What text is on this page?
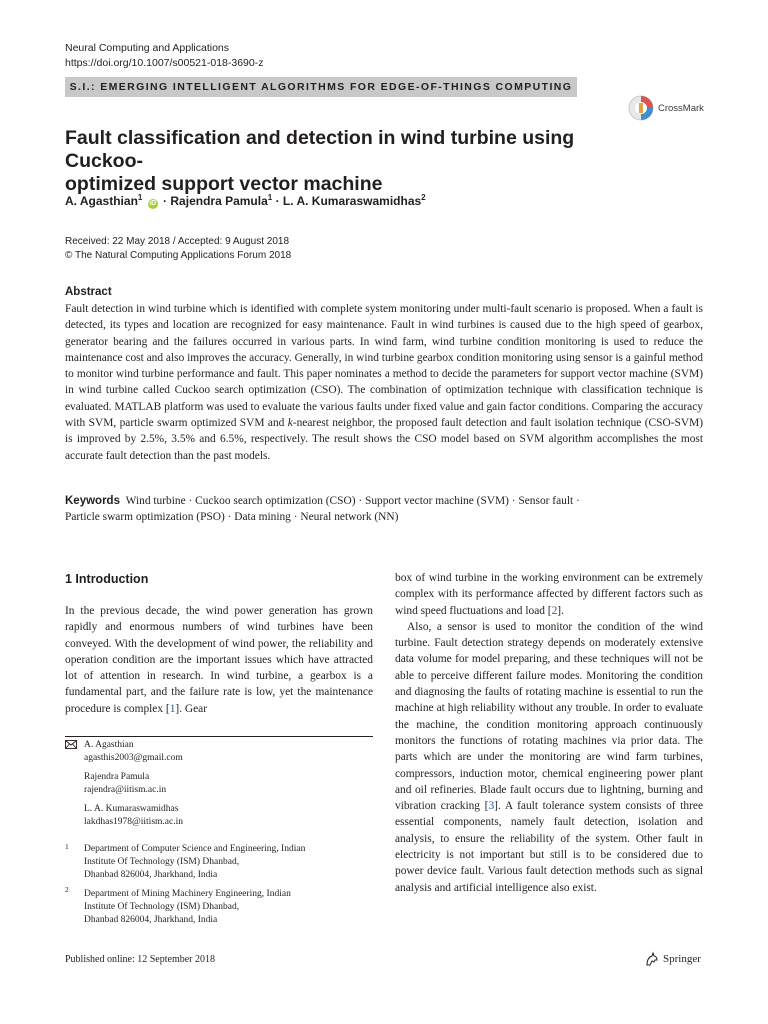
Neural Computing and Applications
https://doi.org/10.1007/s00521-018-3690-z
S.I.: EMERGING INTELLIGENT ALGORITHMS FOR EDGE-OF-THINGS COMPUTING
CrossMark
Fault classification and detection in wind turbine using Cuckoo-
optimized support vector machine
A. Agasthian$^1$ iD · Rajendra Pamula$^1$ · L. A. Kumaraswamidhas$^2$
Received: 22 May 2018 / Accepted: 9 August 2018
© The Natural Computing Applications Forum 2018
Abstract
Fault detection in wind turbine which is identified with complete system monitoring under multi-fault scenario is proposed. When a fault is detected, its types and location are recognized for easy maintenance. Fault in wind turbines is caused due to the high speed of gearbox, generator bearing and the failures occurred in various parts. In wind farm, wind turbine condition monitoring is used to reduce the maintenance cost and also improves the accuracy. Generally, in wind turbine gearbox condition monitoring using sensor is a gainful method to monitor wind turbine performance and fault. This paper nominates a method to decide the parameters for support vector machine (SVM) in wind turbine called Cuckoo search optimization (CSO). The combination of optimization technique with classification technique is evaluated. MATLAB platform was used to evaluate the various faults under fixed value and gain factor conditions. Comparing the accuracy with SVM, particle swarm optimized SVM and k-nearest neighbor, the proposed fault detection and fault isolation technique (CSO-SVM) is improved by 2.5%, 3.5% and 6.5%, respectively. The result shows the CSO model based on SVM algorithm accomplishes the most accurate fault detection than the past models.
Keywords Wind turbine · Cuckoo search optimization (CSO) · Support vector machine (SVM) · Sensor fault ·
Particle swarm optimization (PSO) · Data mining · Neural network (NN)
1 Introduction

In the previous decade, the wind power generation has grown rapidly and enormous numbers of wind turbines have been conveyed. With the development of wind power, the reliability and operation condition are the important issues which have attracted lot of attention in research. In wind turbine, a gearbox is a fundamental part, and the failure rate is low, yet the maintenance procedure is complex [1]. Gear

box of wind turbine in the working environment can be extremely complex with its performance affected by different factors such as wind speed fluctuations and load [2].

Also, a sensor is used to monitor the condition of the wind turbine. Fault detection strategy depends on moderately extensive data volume for model preparing, and these techniques will not be able to perceive different failure modes. Monitoring the condition and diagnosing the faults of rotating machine is essential to run the machine at high reliability without any trouble. In order to evaluate the machine, the condition monitoring approach continuously monitors the functions of rotating machines via prior data. The parts which are under the monitoring are wind farm turbines, compressors, induction motor, chemical engineering power plant and oil refineries. Blade fault occurs due to lightning, burning and vibration cracking [3]. A fault tolerance system consists of three essential components, namely fault detection, isolation and analysis, to ensure the reliability of the system. Other fault in electricity is not important but still is to be considered due to power device fault. Various fault detection methods such as signal analysis and artificial intelligence also exist.

A. Agasthian
agasthis2003@gmail.com
Rajendra Pamula
rajendra@iitism.ac.in
L. A. Kumaraswamidhas
lakdhas1978@iitism.ac.in
1 Department of Computer Science and Engineering, Indian
Institute Of Technology (ISM) Dhanbad,
Dhanbad 826004, Jharkhand, India
2 Department of Mining Machinery Engineering, Indian
Institute Of Technology (ISM) Dhanbad,
Dhanbad 826004, Jharkhand, India
Published online: 12 September 2018	Springer
